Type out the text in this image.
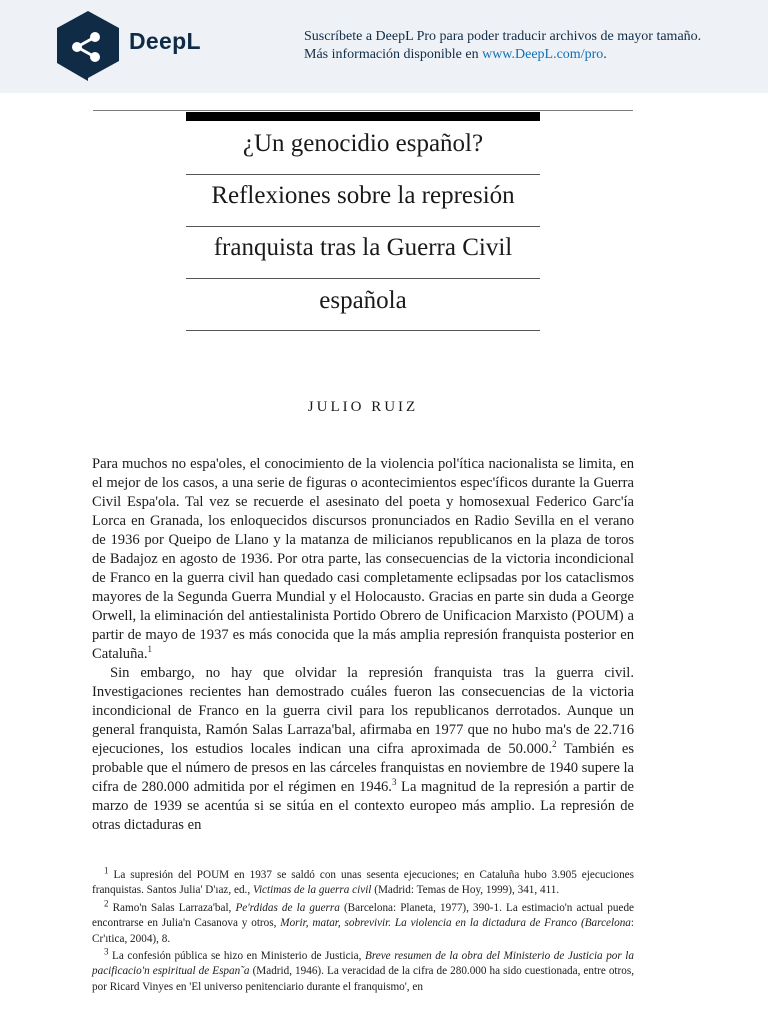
DeepL	Suscríbete a DeepL Pro para poder traducir archivos de mayor tamaño.
Más información disponible en www.DeepL.com/pro.
¿Un genocidio español?
Reflexiones sobre la represión
franquista tras la Guerra Civil
española
JULIO RUIZ

Para muchos no espa'oles, el conocimiento de la violencia pol'ítica nacionalista se limita, en el mejor de los casos, a una serie de figuras o acontecimientos espec'íficos durante la Guerra Civil Espa'ola. Tal vez se recuerde el asesinato del poeta y homosexual Federico Garc'ía Lorca en Granada, los enloquecidos discursos pronunciados en Radio Sevilla en el verano de 1936 por Queipo de Llano y la matanza de milicianos republicanos en la plaza de toros de Badajoz en agosto de 1936. Por otra parte, las consecuencias de la victoria incondicional de Franco en la guerra civil han quedado casi completamente eclipsadas por los cataclismos mayores de la Segunda Guerra Mundial y el Holocausto. Gracias en parte sin duda a George Orwell, la eliminación del antiestalinista Portido Obrero de Unificacion Marxisto (POUM) a partir de mayo de 1937 es más conocida que la más amplia represión franquista posterior en Cataluña.$^1$

Sin embargo, no hay que olvidar la represión franquista tras la guerra civil. Investigaciones recientes han demostrado cuáles fueron las consecuencias de la victoria incondicional de Franco en la guerra civil para los republicanos derrotados. Aunque un general franquista, Ramón Salas Larraza'bal, afirmaba en 1977 que no hubo ma's de 22.716 ejecuciones, los estudios locales indican una cifra aproximada de 50.000.$^2$ También es probable que el número de presos en las cárceles franquistas en noviembre de 1940 supere la cifra de 280.000 admitida por el régimen en 1946.$^3$ La magnitud de la represión a partir de marzo de 1939 se acentúa si se sitúa en el contexto europeo más amplio. La represión de otras dictaduras en

$^1$ La supresión del POUM en 1937 se saldó con unas sesenta ejecuciones; en Cataluña hubo 3.905 ejecuciones franquistas. Santos Julia' D'ıaz, ed., Victimas de la guerra civil (Madrid: Temas de Hoy, 1999), 341, 411.

$^2$ Ramo'n Salas Larraza'bal, Pe'rdidas de la guerra (Barcelona: Planeta, 1977), 390-1. La estimacio'n actual puede encontrarse en Julia'n Casanova y otros, Morir, matar, sobrevivir. La violencia en la dictadura de Franco (Barcelona: Cr'ıtica, 2004), 8.

$^3$ La confesión pública se hizo en Ministerio de Justicia, Breve resumen de la obra del Ministerio de Justicia por la pacificacio'n espiritual de Espan˜a (Madrid, 1946). La veracidad de la cifra de 280.000 ha sido cuestionada, entre otros, por Ricard Vinyes en 'El universo penitenciario durante el franquismo', en
